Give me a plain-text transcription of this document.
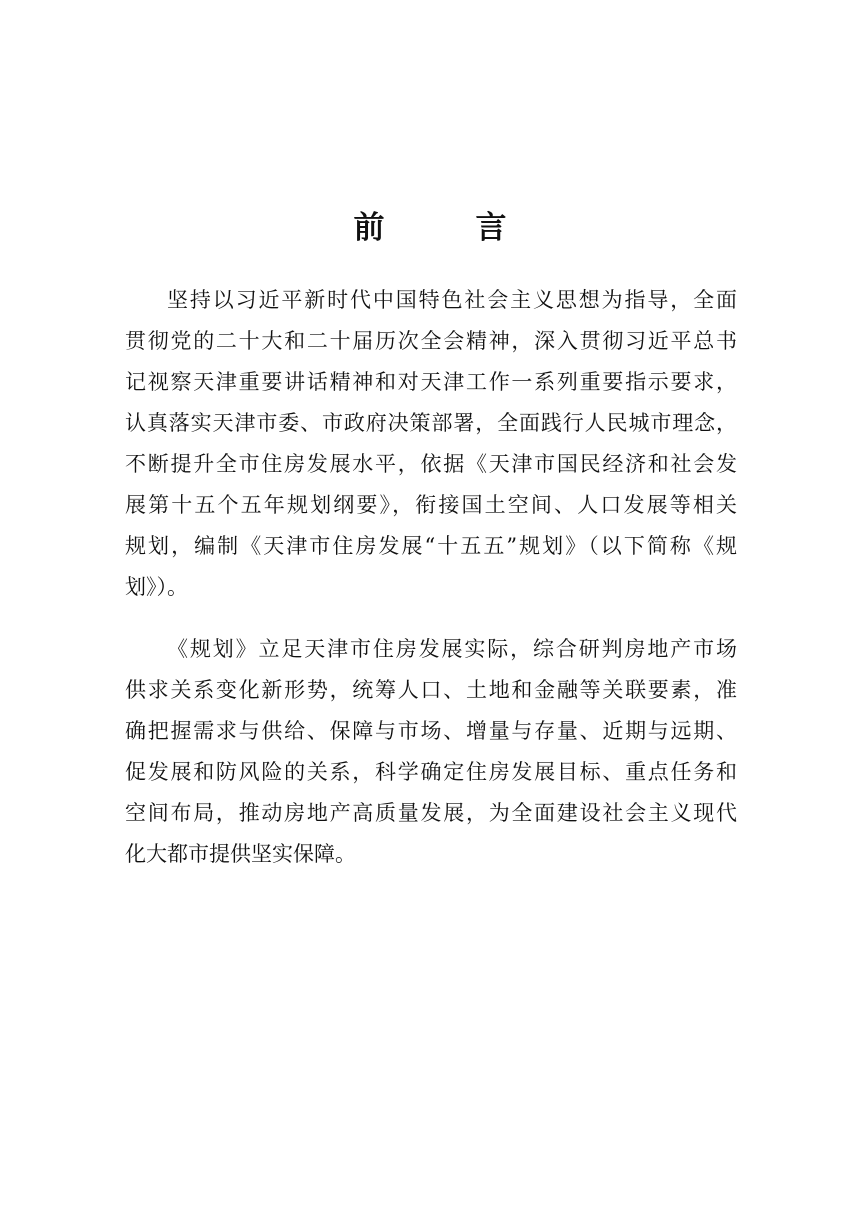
前　言
坚持以习近平新时代中国特色社会主义思想为指导，全面
贯彻党的二十大和二十届历次全会精神，深入贯彻习近平总书
记视察天津重要讲话精神和对天津工作一系列重要指示要求，
认真落实天津市委、市政府决策部署，全面践行人民城市理念，
不断提升全市住房发展水平，依据《天津市国民经济和社会发
展第十五个五年规划纲要》，衔接国土空间、人口发展等相关
规划，编制《天津市住房发展“十五五”规划》（以下简称《规
划》）。
《规划》立足天津市住房发展实际，综合研判房地产市场
供求关系变化新形势，统筹人口、土地和金融等关联要素，准
确把握需求与供给、保障与市场、增量与存量、近期与远期、
促发展和防风险的关系，科学确定住房发展目标、重点任务和
空间布局，推动房地产高质量发展，为全面建设社会主义现代
化大都市提供坚实保障。
